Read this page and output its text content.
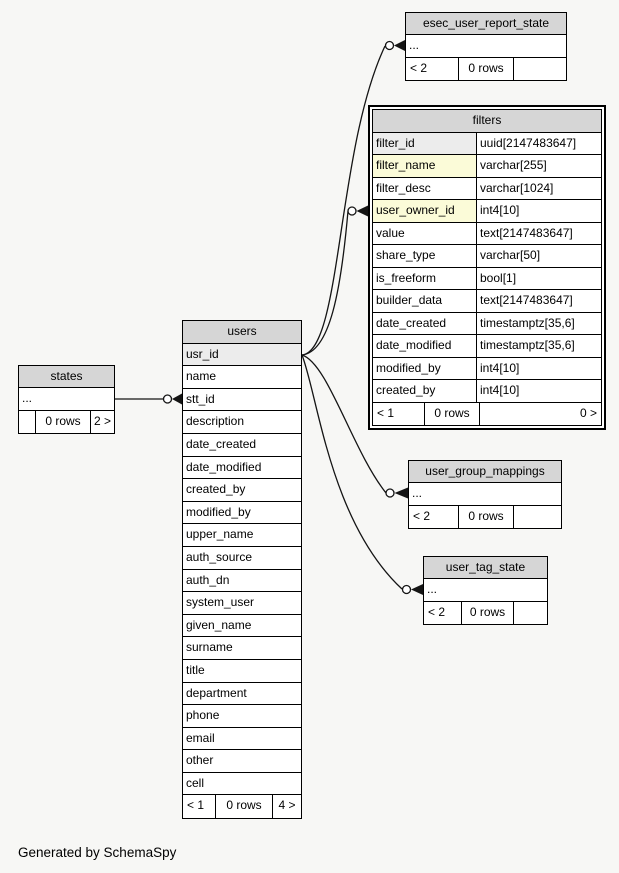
esec_user_report_state
...
< 2	0 rows
filters
filter_id	uuid[2147483647]
filter_name	varchar[255]
filter_desc	varchar[1024]
user_owner_id	int4[10]
value	text[2147483647]
share_type	varchar[50]
is_freeform	bool[1]
builder_data	text[2147483647]
date_created	timestamptz[35,6]
date_modified	timestamptz[35,6]
modified_by	int4[10]
created_by	int4[10]
< 1	0 rows	0 >
users
usr_id
name
stt_id
description
date_created
date_modified
created_by
modified_by
upper_name
auth_source
auth_dn
system_user
given_name
surname
title
department
phone
email
other
cell
< 1	0 rows	4 >
states
...
0 rows	2 >
user_group_mappings
...
< 2	0 rows
user_tag_state
...
< 2	0 rows
Generated by SchemaSpy
